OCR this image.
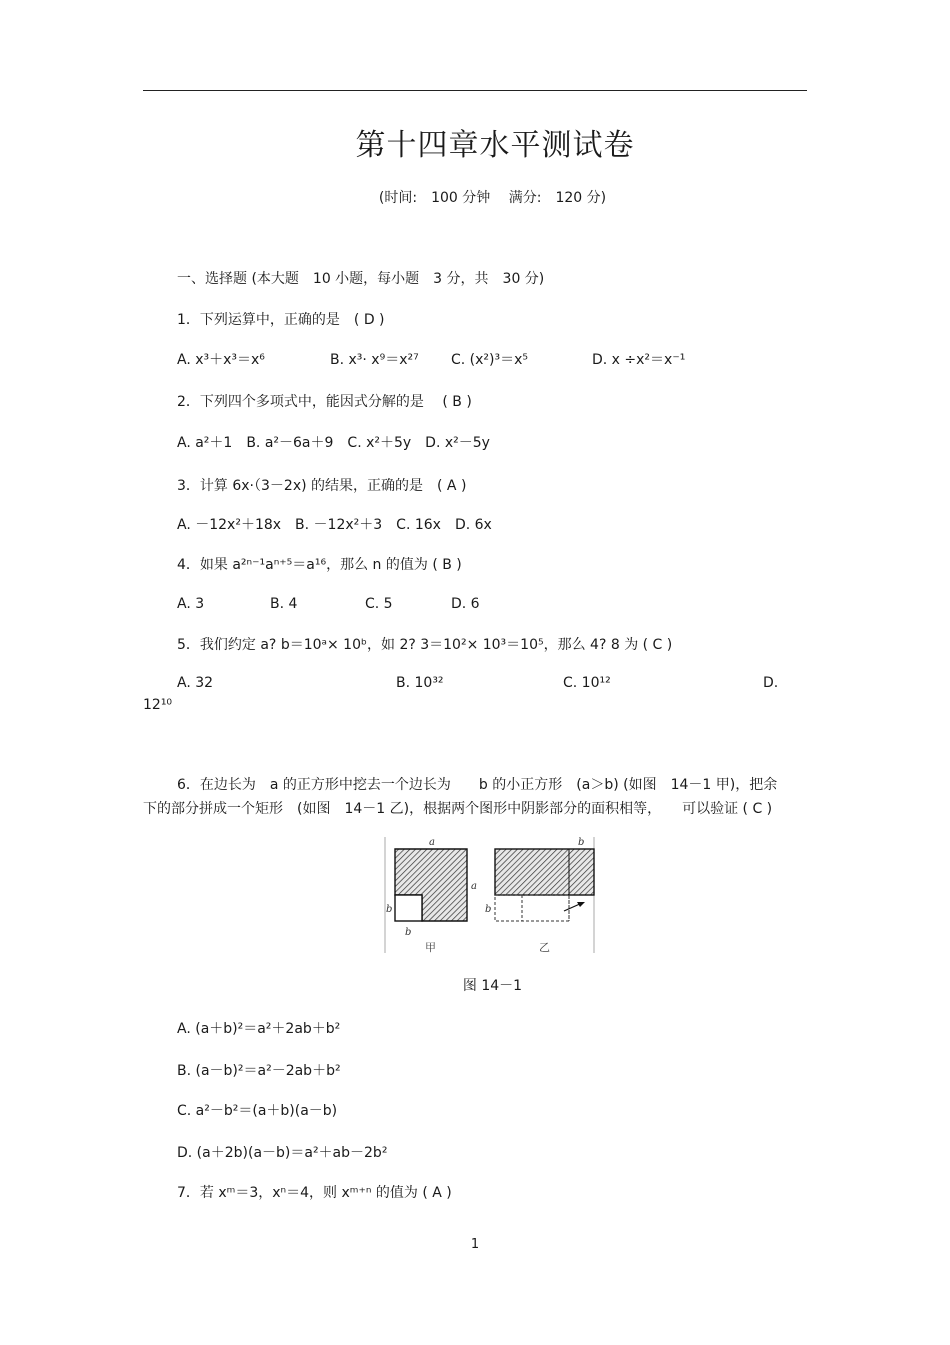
第十四章水平测试卷
(时间:　100 分钟　 满分:　120 分)
一、选择题 (本大题　10 小题，每小题　3 分，共　30 分)
1．下列运算中，正确的是　( D )
A. x³＋x³＝x⁶	B. x³· x⁹＝x²⁷ C. (x²)³＝x⁵	D. x ÷x²＝x⁻¹
2．下列四个多项式中，能因式分解的是　 ( B )
A. a²＋1　B. a²－6a＋9　C. x²＋5y　D. x²－5y
3．计算 6x·（3－2x) 的结果，正确的是　( A )
A. －12x²＋18x　B. －12x²＋3　C. 16x　D. 6x
4．如果 a²ⁿ⁻¹aⁿ⁺⁵＝a¹⁶，那么 n 的值为 ( B )
A. 3	B. 4	C. 5	D. 6
5．我们约定 a? b＝10ᵃ× 10ᵇ，如 2? 3＝10²× 10³＝10⁵，那么 4? 8 为 ( C )
A. 32	B. 10³²	C. 10¹²	D.
12¹⁰
6．在边长为　a 的正方形中挖去一个边长为　　b 的小正方形　(a＞b) (如图　14－1 甲)，把余
下的部分拼成一个矩形　(如图　14－1 乙)，根据两个图形中阴影部分的面积相等，　　可以验证 ( C )
a
a
b
b
甲
b
b
乙
图 14－1
A. (a＋b)²＝a²＋2ab＋b²
B. (a－b)²＝a²－2ab＋b²
C. a²－b²＝(a＋b)(a－b)
D. (a＋2b)(a－b)＝a²＋ab－2b²
7．若 xᵐ＝3，xⁿ＝4，则 xᵐ⁺ⁿ 的值为 ( A )
1
